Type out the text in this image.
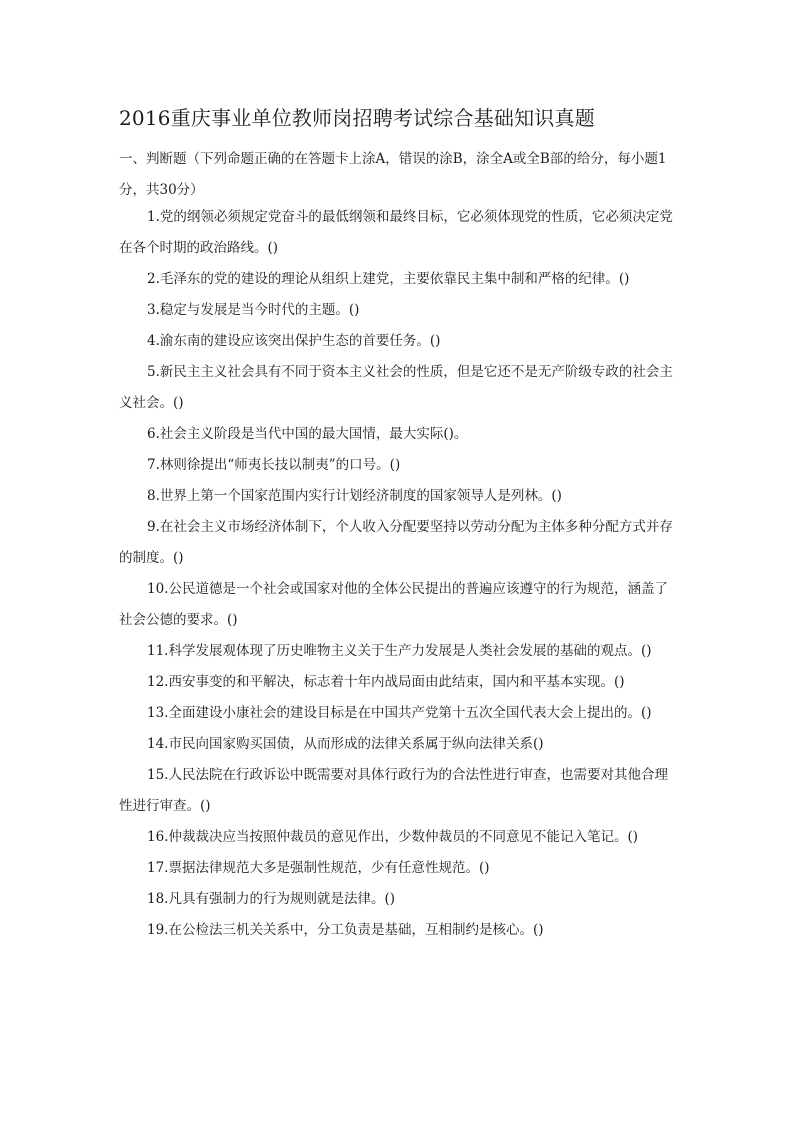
2016重庆事业单位教师岗招聘考试综合基础知识真题

一、判断题（下列命题正确的在答题卡上涂A，错误的涂B，涂全A或全B部的给分，每小题1分，共30分）

1.党的纲领必须规定党奋斗的最低纲领和最终目标，它必须体现党的性质，它必须决定党在各个时期的政治路线。()
2.毛泽东的党的建设的理论从组织上建党，主要依靠民主集中制和严格的纪律。()
3.稳定与发展是当今时代的主题。()
4.渝东南的建设应该突出保护生态的首要任务。()
5.新民主主义社会具有不同于资本主义社会的性质，但是它还不是无产阶级专政的社会主义社会。()
6.社会主义阶段是当代中国的最大国情，最大实际()。
7.林则徐提出“师夷长技以制夷”的口号。()
8.世界上第一个国家范围内实行计划经济制度的国家领导人是列林。()
9.在社会主义市场经济体制下，个人收入分配要坚持以劳动分配为主体多种分配方式并存的制度。()
10.公民道德是一个社会或国家对他的全体公民提出的普遍应该遵守的行为规范，涵盖了社会公德的要求。()
11.科学发展观体现了历史唯物主义关于生产力发展是人类社会发展的基础的观点。()
12.西安事变的和平解决，标志着十年内战局面由此结束，国内和平基本实现。()
13.全面建设小康社会的建设目标是在中国共产党第十五次全国代表大会上提出的。()
14.市民向国家购买国债，从而形成的法律关系属于纵向法律关系()
15.人民法院在行政诉讼中既需要对具体行政行为的合法性进行审查，也需要对其他合理性进行审查。()
16.仲裁裁决应当按照仲裁员的意见作出，少数仲裁员的不同意见不能记入笔记。()
17.票据法律规范大多是强制性规范，少有任意性规范。()
18.凡具有强制力的行为规则就是法律。()
19.在公检法三机关关系中，分工负责是基础，互相制约是核心。()
